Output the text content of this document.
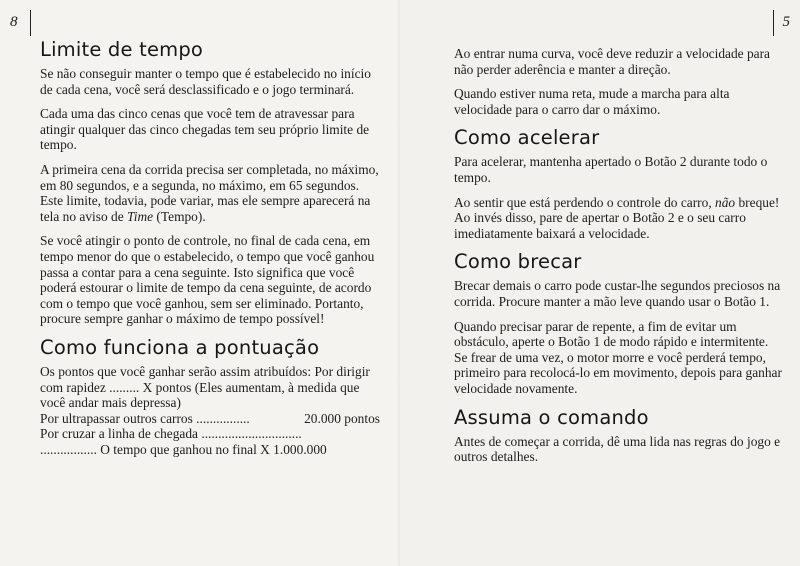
8
Limite de tempo

Se não conseguir manter o tempo que é estabelecido no início de cada cena, você será desclassificado e o jogo terminará.

Cada uma das cinco cenas que você tem de atravessar para atingir qualquer das cinco chegadas tem seu próprio limite de tempo.

A primeira cena da corrida precisa ser completada, no máximo, em 80 segundos, e a segunda, no máximo, em 65 segundos. Este limite, todavia, pode variar, mas ele sempre aparecerá na tela no aviso de Time (Tempo).

Se você atingir o ponto de controle, no final de cada cena, em tempo menor do que o estabelecido, o tempo que você ganhou passa a contar para a cena seguinte. Isto significa que você poderá estourar o limite de tempo da cena seguinte, de acordo com o tempo que você ganhou, sem ser eliminado. Portanto, procure sempre ganhar o máximo de tempo possível!

Como funciona a pontuação

Os pontos que você ganhar serão assim atribuídos: Por dirigir com rapidez ......... X pontos (Eles aumentam, à medida que você andar mais depressa)

Por ultrapassar outros carros ................	20.000 pontos

Por cruzar a linha de chegada ..............................

................. O tempo que ganhou no final X 1.000.000

5

Ao entrar numa curva, você deve reduzir a velocidade para não perder aderência e manter a direção.

Quando estiver numa reta, mude a marcha para alta velocidade para o carro dar o máximo.

Como acelerar

Para acelerar, mantenha apertado o Botão 2 durante todo o tempo.

Ao sentir que está perdendo o controle do carro, não breque! Ao invés disso, pare de apertar o Botão 2 e o seu carro imediatamente baixará a velocidade.

Como brecar

Brecar demais o carro pode custar-lhe segundos preciosos na corrida. Procure manter a mão leve quando usar o Botão 1.

Quando precisar parar de repente, a fim de evitar um obstáculo, aperte o Botão 1 de modo rápido e intermitente. Se frear de uma vez, o motor morre e você perderá tempo, primeiro para recolocá-lo em movimento, depois para ganhar velocidade novamente.

Assuma o comando

Antes de começar a corrida, dê uma lida nas regras do jogo e outros detalhes.
